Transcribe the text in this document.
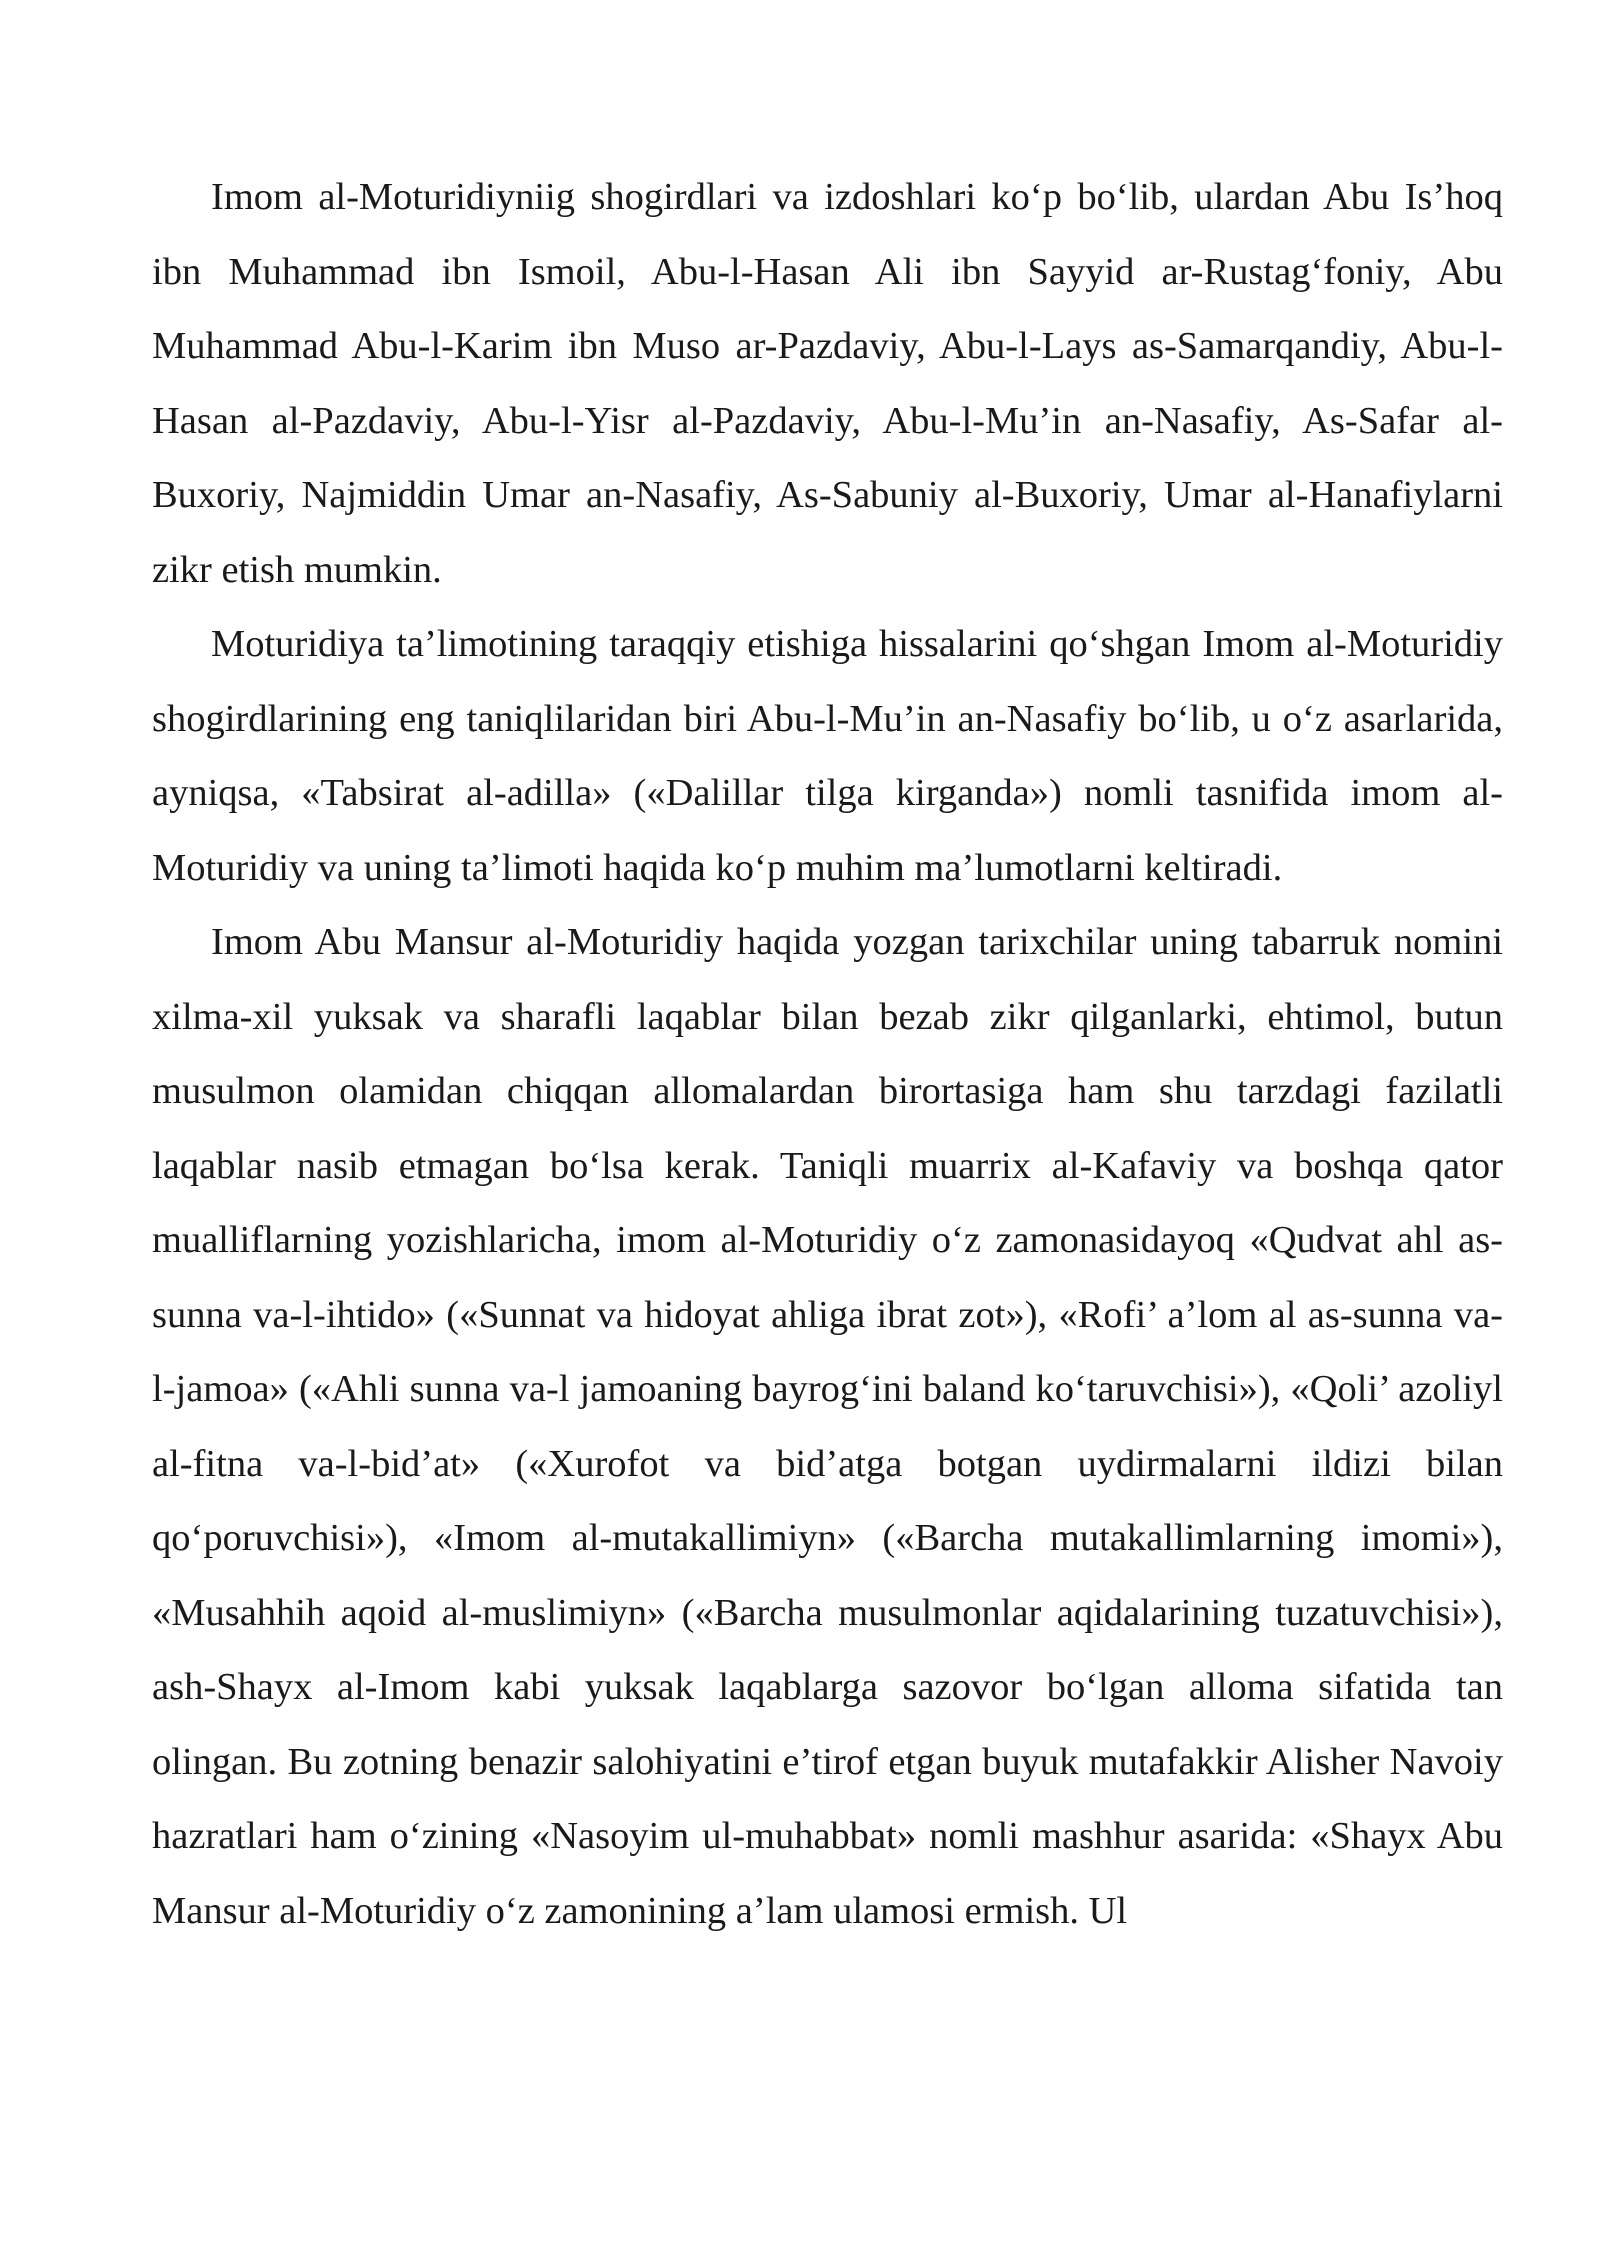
Imom al-Moturidiyniig shogirdlari va izdoshlari ko‘p bo‘lib, ulardan Abu Is’hoq ibn Muhammad ibn Ismoil, Abu-l-Hasan Ali ibn Sayyid ar-Rustag‘foniy, Abu Muhammad Abu-l-Karim ibn Muso ar-Pazdaviy, Abu-l-Lays as-Samarqandiy, Abu-l-Hasan al-Pazdaviy, Abu-l-Yisr al-Pazdaviy, Abu-l-Mu’in an-Nasafiy, As-Safar al-Buxoriy, Najmiddin Umar an-Nasafiy, As-Sabuniy al-Buxoriy, Umar al-Hanafiylarni zikr etish mumkin.

Moturidiya ta’limotining taraqqiy etishiga hissalarini qo‘shgan Imom al-Moturidiy shogirdlarining eng taniqlilaridan biri Abu-l-Mu’in an-Nasafiy bo‘lib, u o‘z asarlarida, ayniqsa, «Tabsirat al-adilla» («Dalillar tilga kirganda») nomli tasnifida imom al-Moturidiy va uning ta’limoti haqida ko‘p muhim ma’lumotlarni keltiradi.

Imom Abu Mansur al-Moturidiy haqida yozgan tarixchilar uning tabarruk nomini xilma-xil yuksak va sharafli laqablar bilan bezab zikr qilganlarki, ehtimol, butun musulmon olamidan chiqqan allomalardan birortasiga ham shu tarzdagi fazilatli laqablar nasib etmagan bo‘lsa kerak. Taniqli muarrix al-Kafaviy va boshqa qator mualliflarning yozishlaricha, imom al-Moturidiy o‘z zamonasidayoq «Qudvat ahl as-sunna va-l-ihtido» («Sunnat va hidoyat ahliga ibrat zot»), «Rofi’ a’lom al as-sunna va-l-jamoa» («Ahli sunna va-l jamoaning bayrog‘ini baland ko‘taruvchisi»), «Qoli’ azoliyl al-fitna va-l-bid’at» («Xurofot va bid’atga botgan uydirmalarni ildizi bilan qo‘poruvchisi»), «Imom al-mutakallimiyn» («Barcha mutakallimlarning imomi»), «Musahhih aqoid al-muslimiyn» («Barcha musulmonlar aqidalarining tuzatuvchisi»), ash-Shayx al-Imom kabi yuksak laqablarga sazovor bo‘lgan alloma sifatida tan olingan. Bu zotning benazir salohiyatini e’tirof etgan buyuk mutafakkir Alisher Navoiy hazratlari ham o‘zining «Nasoyim ul-muhabbat» nomli mashhur asarida: «Shayx Abu Mansur al-Moturidiy o‘z zamonining a’lam ulamosi ermish. Ul
